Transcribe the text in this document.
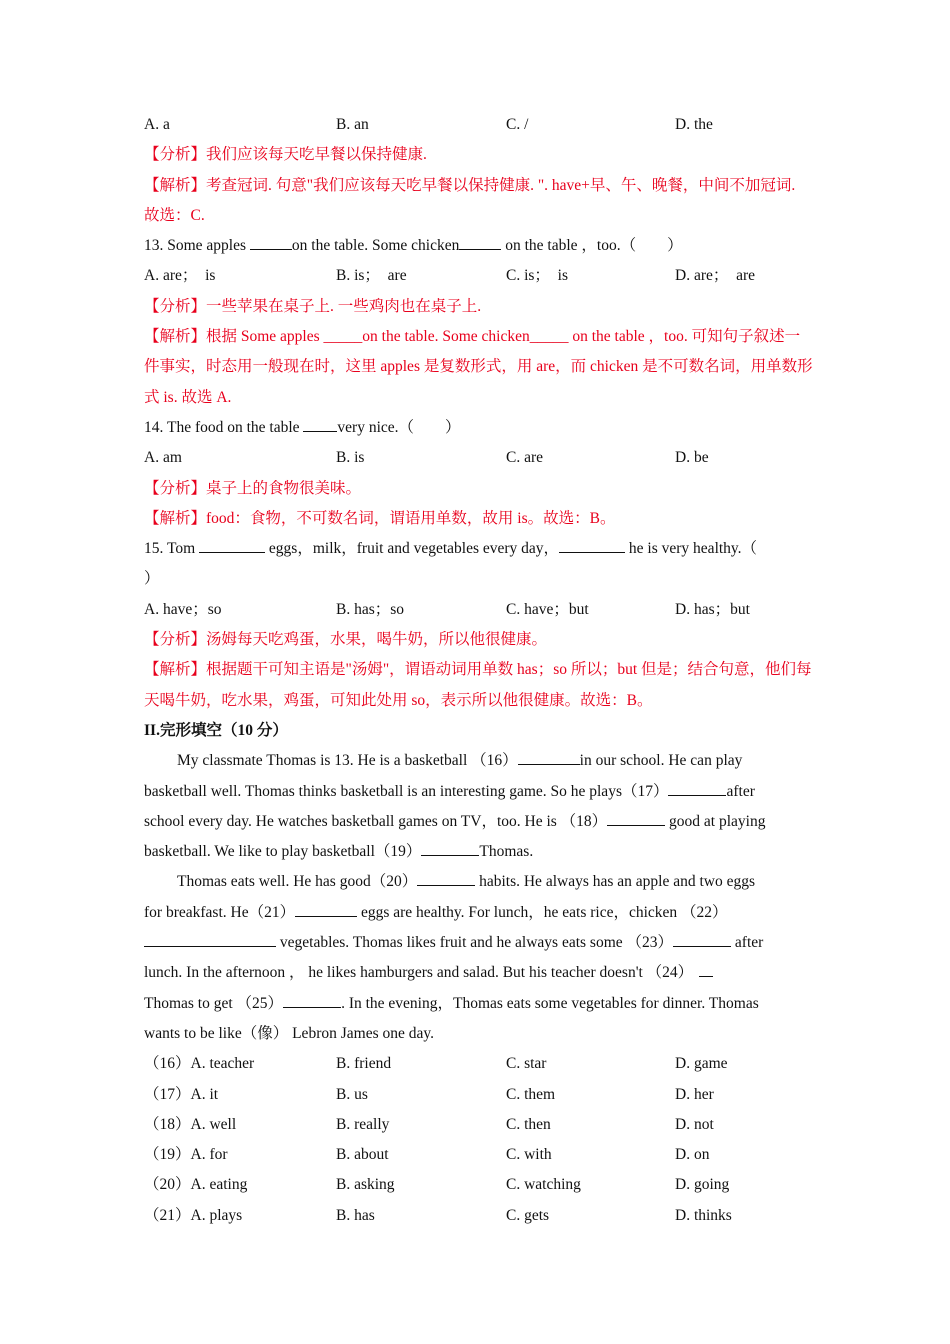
A. a	B. an	C. /	D. the
【分析】我们应该每天吃早餐以保持健康.
【解析】考查冠词. 句意"我们应该每天吃早餐以保持健康. ". have+早、午、晚餐，中间不加冠词. 故选：C.
13. Some apples	on the table. Some chicken	on the table ，too.（　　）
A. are；　is	B. is；　are	C. is；　is	D. are；　are
【分析】一些苹果在桌子上. 一些鸡肉也在桌子上.
【解析】根据 Some apples _____on the table. Some chicken_____ on the table ，too. 可知句子叙述一件事实，时态用一般现在时，这里 apples 是复数形式，用 are，而 chicken 是不可数名词，用单数形式 is. 故选 A.
14. The food on the table very nice.（　　）
A. am	B. is	C. are	D. be
【分析】桌子上的食物很美味。
【解析】food：食物，不可数名词，谓语用单数，故用 is。故选：B。
15. Tom	eggs，milk，fruit and vegetables every day，	he is very healthy.（
）
A. have；so	B. has；so	C. have；but	D. has；but
【分析】汤姆每天吃鸡蛋，水果，喝牛奶，所以他很健康。
【解析】根据题干可知主语是"汤姆"，谓语动词用单数 has；so 所以；but 但是；结合句意，他们每天喝牛奶，吃水果，鸡蛋，可知此处用 so，表示所以他很健康。故选：B。
II.完形填空（10 分）
My classmate Thomas is 13. He is a basketball （16）	in our school. He can play
basketball well. Thomas thinks basketball is an interesting game. So he plays（17）	after
school every day. He watches basketball games on TV，too. He is （18）	good at playing
basketball. We like to play basketball（19）	Thomas.
Thomas eats well. He has good（20）	habits. He always has an apple and two eggs
for breakfast. He（21）	eggs are healthy. For lunch，he eats rice，chicken （22）
vegetables. Thomas likes fruit and he always eats some （23）	after
lunch. In the afternoon ， he likes hamburgers and salad. But his teacher doesn't （24）
Thomas to get （25）	. In the evening，Thomas eats some vegetables for dinner. Thomas
wants to be like（像） Lebron James one day.
（16）A. teacher	B. friend	C. star	D. game
（17）A. it	B. us	C. them	D. her
（18）A. well	B. really	C. then	D. not
（19）A. for	B. about	C. with	D. on
（20）A. eating	B. asking	C. watching	D. going
（21）A. plays	B. has	C. gets	D. thinks
